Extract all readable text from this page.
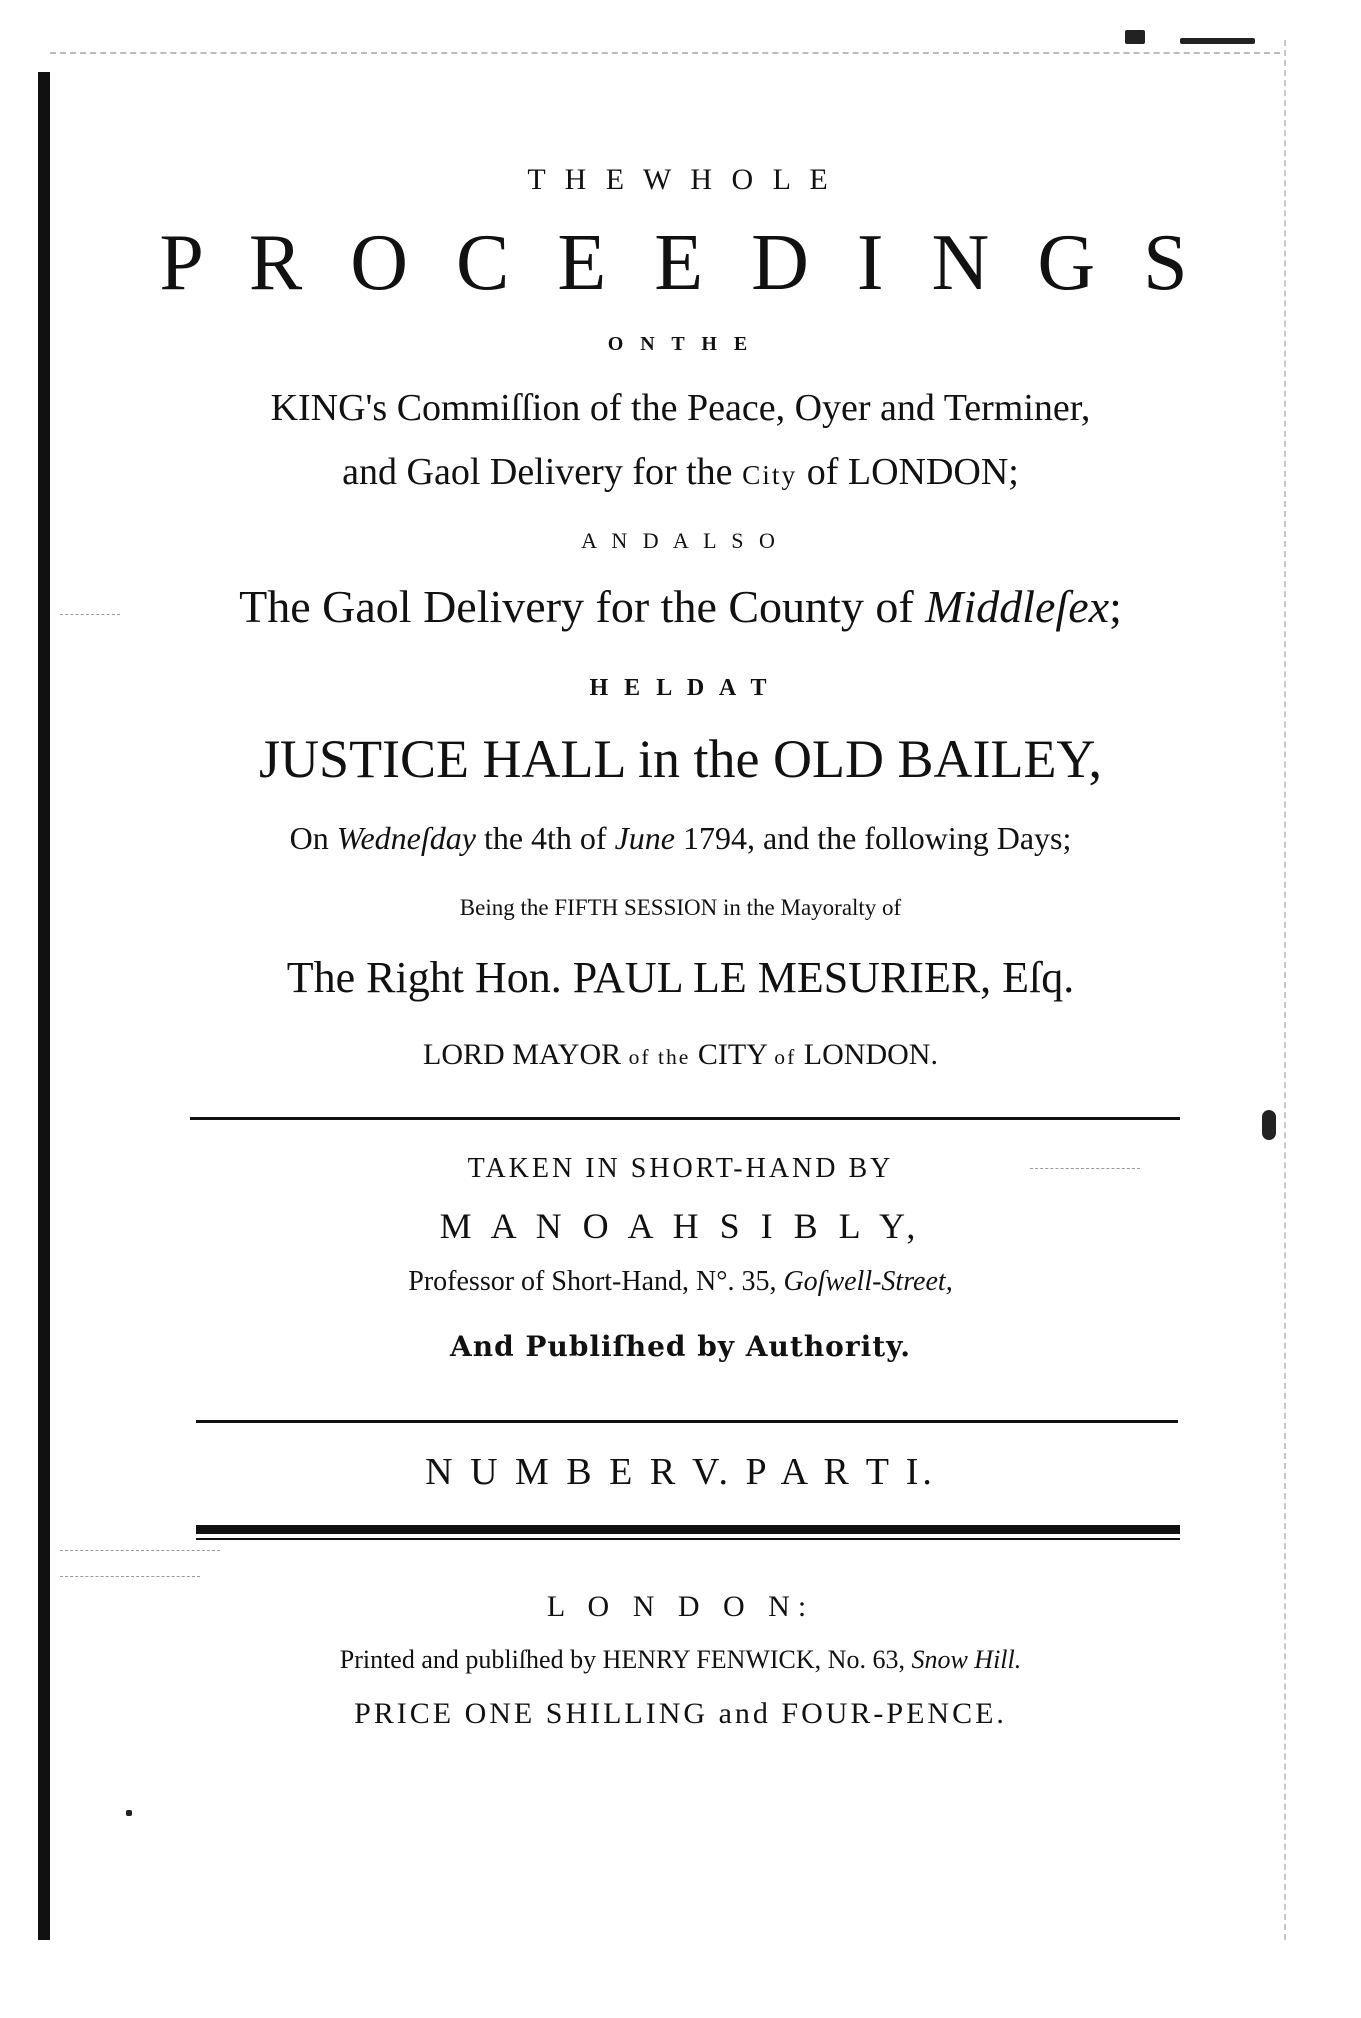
T H E W H O L E
P R O C E E D I N G S
O N T H E
KING's Commiſſion of the Peace, Oyer and Terminer,
and Gaol Delivery for the City of LONDON;
A N D A L S O
The Gaol Delivery for the County of Middleſex;
H E L D A T
JUSTICE HALL in the OLD BAILEY,
On Wedneſday the 4th of June 1794, and the following Days;
Being the FIFTH SESSION in the Mayoralty of
The Right Hon. PAUL LE MESURIER, Eſq.
LORD MAYOR of the CITY of LONDON.
TAKEN IN SHORT-HAND BY
M A N O A H S I B L Y,
Professor of Short-Hand, N°. 35, Goſwell-Street,
And Publiſhed by Authority.
N U M B E R V. P A R T I.
L O N D O N:
Printed and publiſhed by HENRY FENWICK, No. 63, Snow Hill.
PRICE ONE SHILLING and FOUR-PENCE.
